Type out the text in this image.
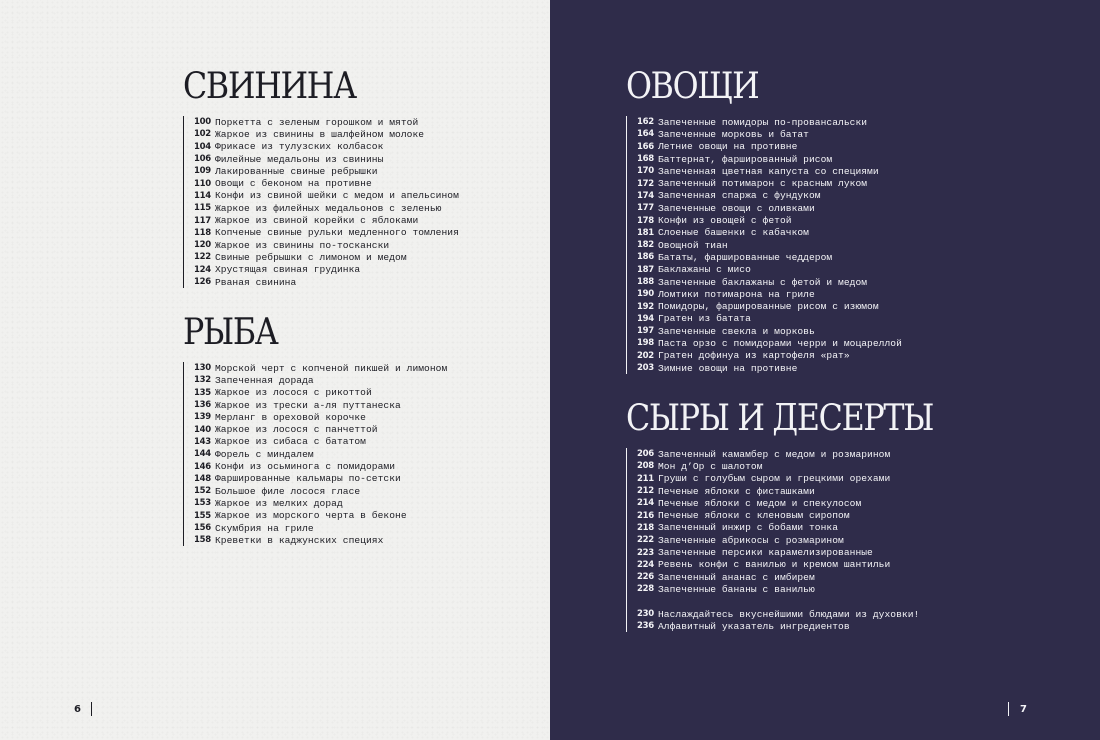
СВИНИНА
100 Поркетта с зеленым горошком и мятой
102 Жаркое из свинины в шалфейном молоке
104 Фрикасе из тулузских колбасок
106 Филейные медальоны из свинины
109 Лакированные свиные ребрышки
110 Овощи с беконом на противне
114 Конфи из свиной шейки с медом и апельсином
115 Жаркое из филейных медальонов с зеленью
117 Жаркое из свиной корейки с яблоками
118 Копченые свиные рульки медленного томления
120 Жаркое из свинины по-тоскански
122 Свиные ребрышки с лимоном и медом
124 Хрустящая свиная грудинка
126 Рваная свинина
РЫБА
130 Морской черт с копченой пикшей и лимоном
132 Запеченная дорада
135 Жаркое из лосося с рикоттой
136 Жаркое из трески а-ля путтанеска
139 Мерланг в ореховой корочке
140 Жаркое из лосося с панчеттой
143 Жаркое из сибаса с бататом
144 Форель с миндалем
146 Конфи из осьминога с помидорами
148 Фаршированные кальмары по-сетски
152 Большое филе лосося гласе
153 Жаркое из мелких дорад
155 Жаркое из морского черта в беконе
156 Скумбрия на гриле
158 Креветки в каджунских специях
ОВОЩИ
162 Запеченные помидоры по-провансальски
164 Запеченные морковь и батат
166 Летние овощи на противне
168 Баттернат, фаршированный рисом
170 Запеченная цветная капуста со специями
172 Запеченный потимарон с красным луком
174 Запеченная спаржа с фундуком
177 Запеченные овощи с оливками
178 Конфи из овощей с фетой
181 Слоеные башенки с кабачком
182 Овощной тиан
186 Бататы, фаршированные чеддером
187 Баклажаны с мисо
188 Запеченные баклажаны с фетой и медом
190 Ломтики потимарона на гриле
192 Помидоры, фаршированные рисом с изюмом
194 Гратен из батата
197 Запеченные свекла и морковь
198 Паста орзо с помидорами черри и моцареллой
202 Гратен дофинуа из картофеля «рат»
203 Зимние овощи на противне
СЫРЫ И ДЕСЕРТЫ
206 Запеченный камамбер с медом и розмарином
208 Мон д’Ор с шалотом
211 Груши с голубым сыром и грецкими орехами
212 Печеные яблоки с фисташками
214 Печеные яблоки с медом и спекулосом
216 Печеные яблоки с кленовым сиропом
218 Запеченный инжир с бобами тонка
222 Запеченные абрикосы с розмарином
223 Запеченные персики карамелизированные
224 Ревень конфи с ванилью и кремом шантильи
226 Запеченный ананас с имбирем
228 Запеченные бананы с ванилью
230 Наслаждайтесь вкуснейшими блюдами из духовки!
236 Алфавитный указатель ингредиентов
6	7
